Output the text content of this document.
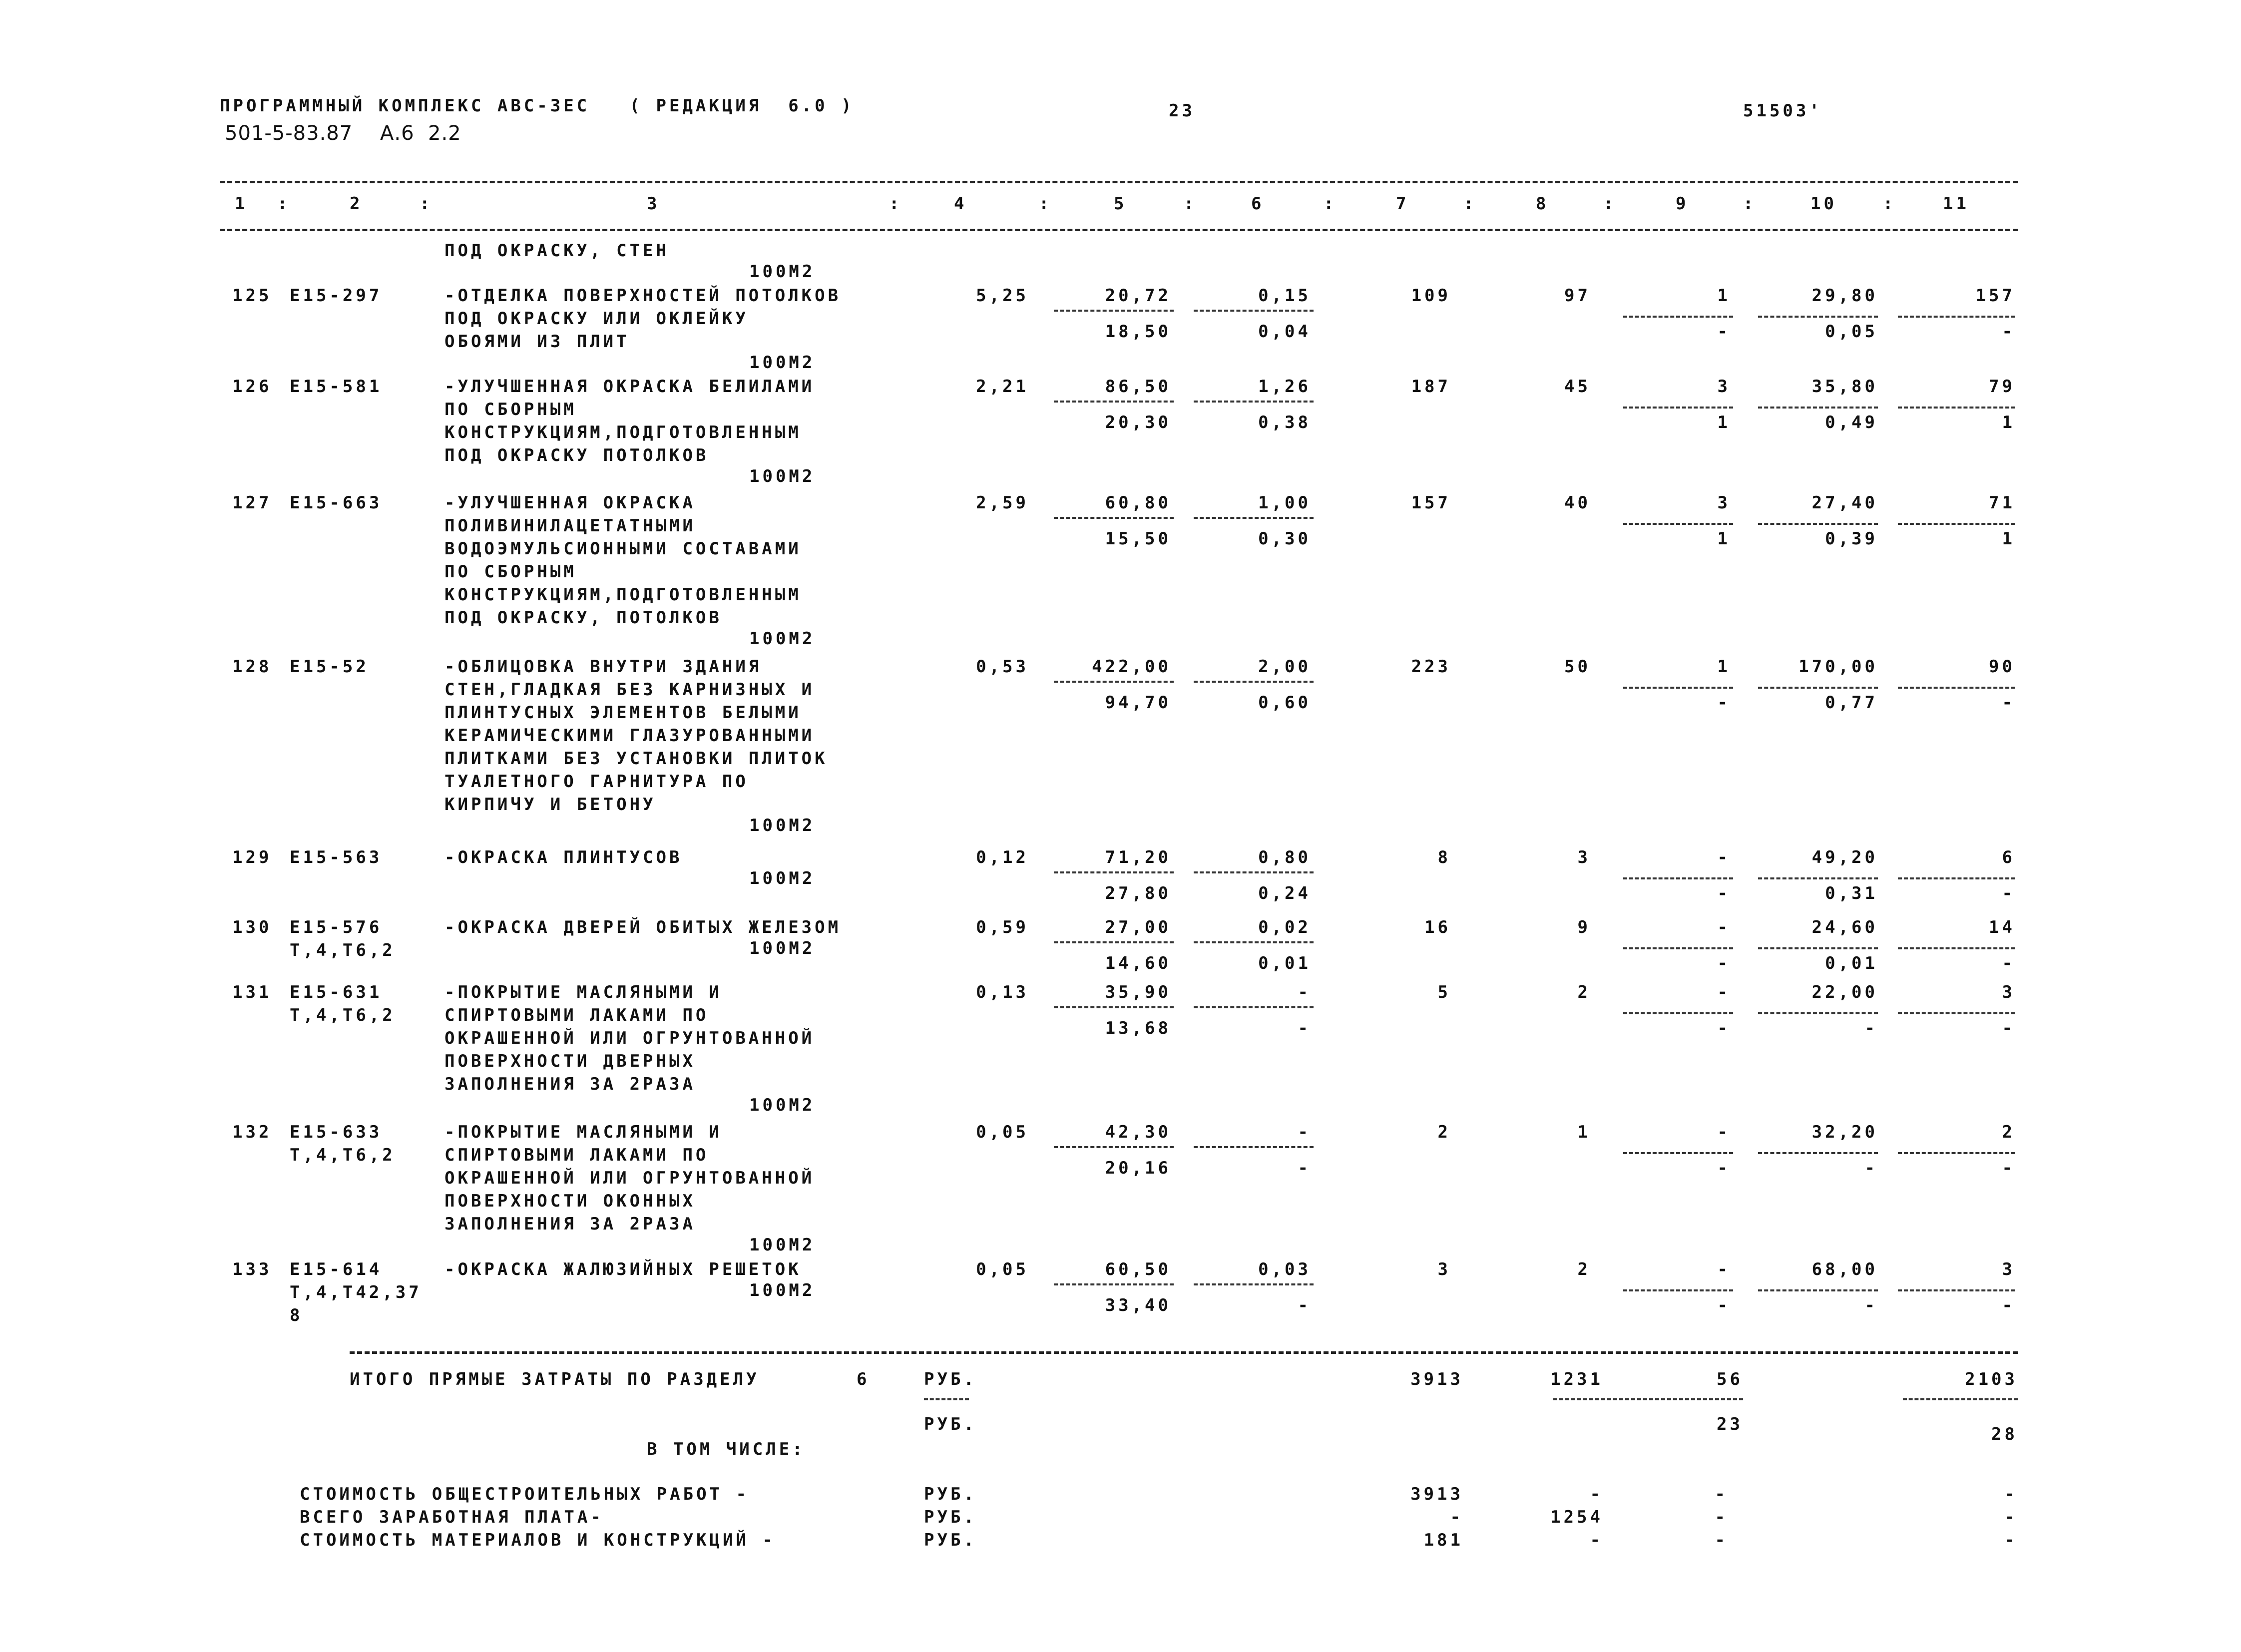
ПРОГРАММНЫЙ КОМПЛЕКС АВС-3ЕС   ( РЕДАКЦИЯ  6.0 )	23	51503'
501-5-83.87    А.6  2.2
1	2	3	4	5	6	7	8	9	10	11
:	:	:	:	:	:	:	:	:	:
ПОД ОКРАСКУ, СТЕН
100М2
-ОТДЕЛКА ПОВЕРХНОСТЕЙ ПОТОЛКОВ
ПОД ОКРАСКУ ИЛИ ОКЛЕЙКУ
ОБОЯМИ ИЗ ПЛИТ
125 Е15-297	5,25	20,72	0,15	109	97	1	29,80	157
18,50	0,04	-	0,05	-
100М2
-УЛУЧШЕННАЯ ОКРАСКА БЕЛИЛАМИ
ПО СБОРНЫМ
КОНСТРУКЦИЯМ,ПОДГОТОВЛЕННЫМ
ПОД ОКРАСКУ ПОТОЛКОВ
126 Е15-581	2,21	86,50	1,26	187	45	3	35,80	79
20,30	0,38	1	0,49	1
100М2
-УЛУЧШЕННАЯ ОКРАСКА
ПОЛИВИНИЛАЦЕТАТНЫМИ
ВОДОЭМУЛЬСИОННЫМИ СОСТАВАМИ
ПО СБОРНЫМ
КОНСТРУКЦИЯМ,ПОДГОТОВЛЕННЫМ
ПОД ОКРАСКУ, ПОТОЛКОВ
127 Е15-663	2,59	60,80	1,00	157	40	3	27,40	71
15,50	0,30	1	0,39	1
100М2
-ОБЛИЦОВКА ВНУТРИ ЗДАНИЯ
СТЕН,ГЛАДКАЯ БЕЗ КАРНИЗНЫХ И
ПЛИНТУСНЫХ ЭЛЕМЕНТОВ БЕЛЫМИ
КЕРАМИЧЕСКИМИ ГЛАЗУРОВАННЫМИ
ПЛИТКАМИ БЕЗ УСТАНОВКИ ПЛИТОК
ТУАЛЕТНОГО ГАРНИТУРА ПО
КИРПИЧУ И БЕТОНУ
128 Е15-52	0,53	422,00	2,00	223	50	1	170,00	90
94,70	0,60	-	0,77	-
100М2
-ОКРАСКА ПЛИНТУСОВ
129 Е15-563	0,12	71,20	0,80	8	3	-	49,20	6
27,80	0,24	-	0,31	-
100М2
-ОКРАСКА ДВЕРЕЙ ОБИТЫХ ЖЕЛЕЗОМ
130 Е15-576
Т,4,Т6,2
0,59	27,00	0,02	16	9	-	24,60	14
14,60	0,01	-	0,01	-
100М2
-ПОКРЫТИЕ МАСЛЯНЫМИ И
СПИРТОВЫМИ ЛАКАМИ ПО
ОКРАШЕННОЙ ИЛИ ОГРУНТОВАННОЙ
ПОВЕРХНОСТИ ДВЕРНЫХ
ЗАПОЛНЕНИЯ ЗА 2РАЗА
131 Е15-631
Т,4,Т6,2
0,13	35,90	-	5	2	-	22,00	3
13,68	-	-	-	-
100М2
-ПОКРЫТИЕ МАСЛЯНЫМИ И
СПИРТОВЫМИ ЛАКАМИ ПО
ОКРАШЕННОЙ ИЛИ ОГРУНТОВАННОЙ
ПОВЕРХНОСТИ ОКОННЫХ
ЗАПОЛНЕНИЯ ЗА 2РАЗА
132 Е15-633
Т,4,Т6,2
0,05	42,30	-	2	1	-	32,20	2
20,16	-	-	-	-
100М2
-ОКРАСКА ЖАЛЮЗИЙНЫХ РЕШЕТОК
133 Е15-614
Т,4,Т42,37
8
0,05	60,50	0,03	3	2	-	68,00	3
33,40	-	-	-	-
100М2
ИТОГО ПРЯМЫЕ ЗАТРАТЫ ПО РАЗДЕЛУ	6	РУБ.	3913	1231	56	2103
РУБ.	23	28
В ТОМ ЧИСЛЕ:
СТОИМОСТЬ ОБЩЕСТРОИТЕЛЬНЫХ РАБОТ -	РУБ.	3913	-	-	-
ВСЕГО ЗАРАБОТНАЯ ПЛАТА-	РУБ.	-	1254	-	-
СТОИМОСТЬ МАТЕРИАЛОВ И КОНСТРУКЦИЙ -	РУБ.	181	-	-	-
